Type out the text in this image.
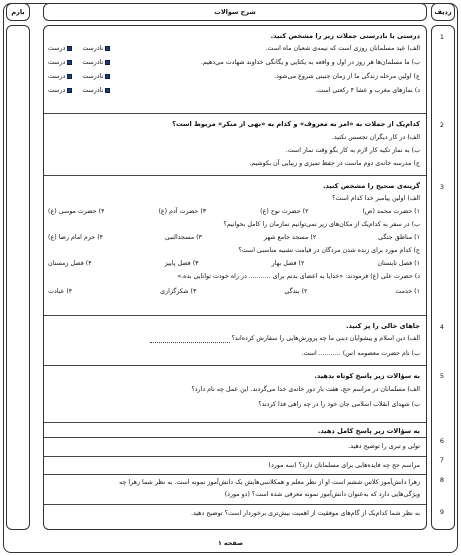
ردیف
شرح سوالات
بارم
1
2
3
4
5
6
7
8
9
درستی یا نادرستی جملات زیر را مشخص کنید.
الف) عید مسلمانان روزی است که نیمه‌ی شعبان ماه است.
نادرست
درست
ب) ما مسلمان‌ها هر روز در اول و واقعه به یکتایی و یگانگی خداوند شهادت می‌دهیم.
نادرست
درست
ج) اولین مرحله زندگی ما از زمان جنینی شروع می‌شود.
نادرست
درست
د) نمازهای مغرب و عشا ۴ رکعتی است.
نادرست
درست
کدام‌یک از جملات به «امر به معروف» و کدام به «نهی از منکر» مربوط است؟
الف) در کار دیگران تجسس نکنید.
ب) به نماز تکیه کار لازم به کار بگو وقت نماز است.
ج) مدرسه خانه‌ی دوم ماست در حفظ تمیزی و زیبایی آن بکوشیم.
گزینه‌ی صحیح را مشخص کنید.
الف) اولین پیامبر خدا کدام است؟
۱) حضرت محمد (ص)
۲) حضرت نوح (ع)
۳) حضرت آدم (ع)
۴) حضرت موسی (ع)
ب) در سفر به کدام‌یک از مکان‌های زیر نمی‌توانیم نمازمان را کامل بخوانیم؟
۱) مناطق جنگی
۲) مسجد جامع شهر
۳) مسجدالنبی
۴) حرم امام رضا (ع)
ج) کدام مورد برای زنده شدن مردگان در قیامت تشبیه مناسبی است؟
۱) فصل تابستان
۲) فصل بهار
۳) فصل پاییز
۴) فصل زمستان
د) حضرت علی (ع) فرمودند: «خدایا به اعضای بدنم برای ........... در راه خودت توانایی بده.»
۱) خدمت
۲) بندگی
۳) شکرگزاری
۴) عبادت
جاهای خالی را پر کنید.
الف) دین اسلام و پیشوایان دینی ما چه پرورش‌هایی را سفارش کرده‌اند؟
ب) نام حضرت معصومه (س) ........... است.
به سؤالات زیر پاسخ کوتاه بدهید.
الف) مسلمانان در مراسم حج، هفت بار دور خانه‌ی خدا می‌گردند. این عمل چه نام دارد؟
ب) شهدای انقلاب اسلامی جان خود را در چه راهی فدا کردند؟
به سؤالات زیر پاسخ کامل دهید.
تولی و تبری را توضیح دهید.
مراسم حج چه فایده‌هایی برای مسلمانان دارد؟ (سه مورد)
زهرا دانش‌آموز کلاس ششم است او از نظر معلم و همکلاسی‌هایش یک دانش‌آموز نمونه است. به نظر شما زهرا چه
ویژگی‌هایی دارد که به‌عنوان دانش‌آموز نمونه معرفی شده است؟ (دو مورد)
به نظر شما کدام‌یک از گام‌های موفقیت از اهمیت بیش‌تری برخوردار است؟ توضیح دهید.
صفحه ۱
